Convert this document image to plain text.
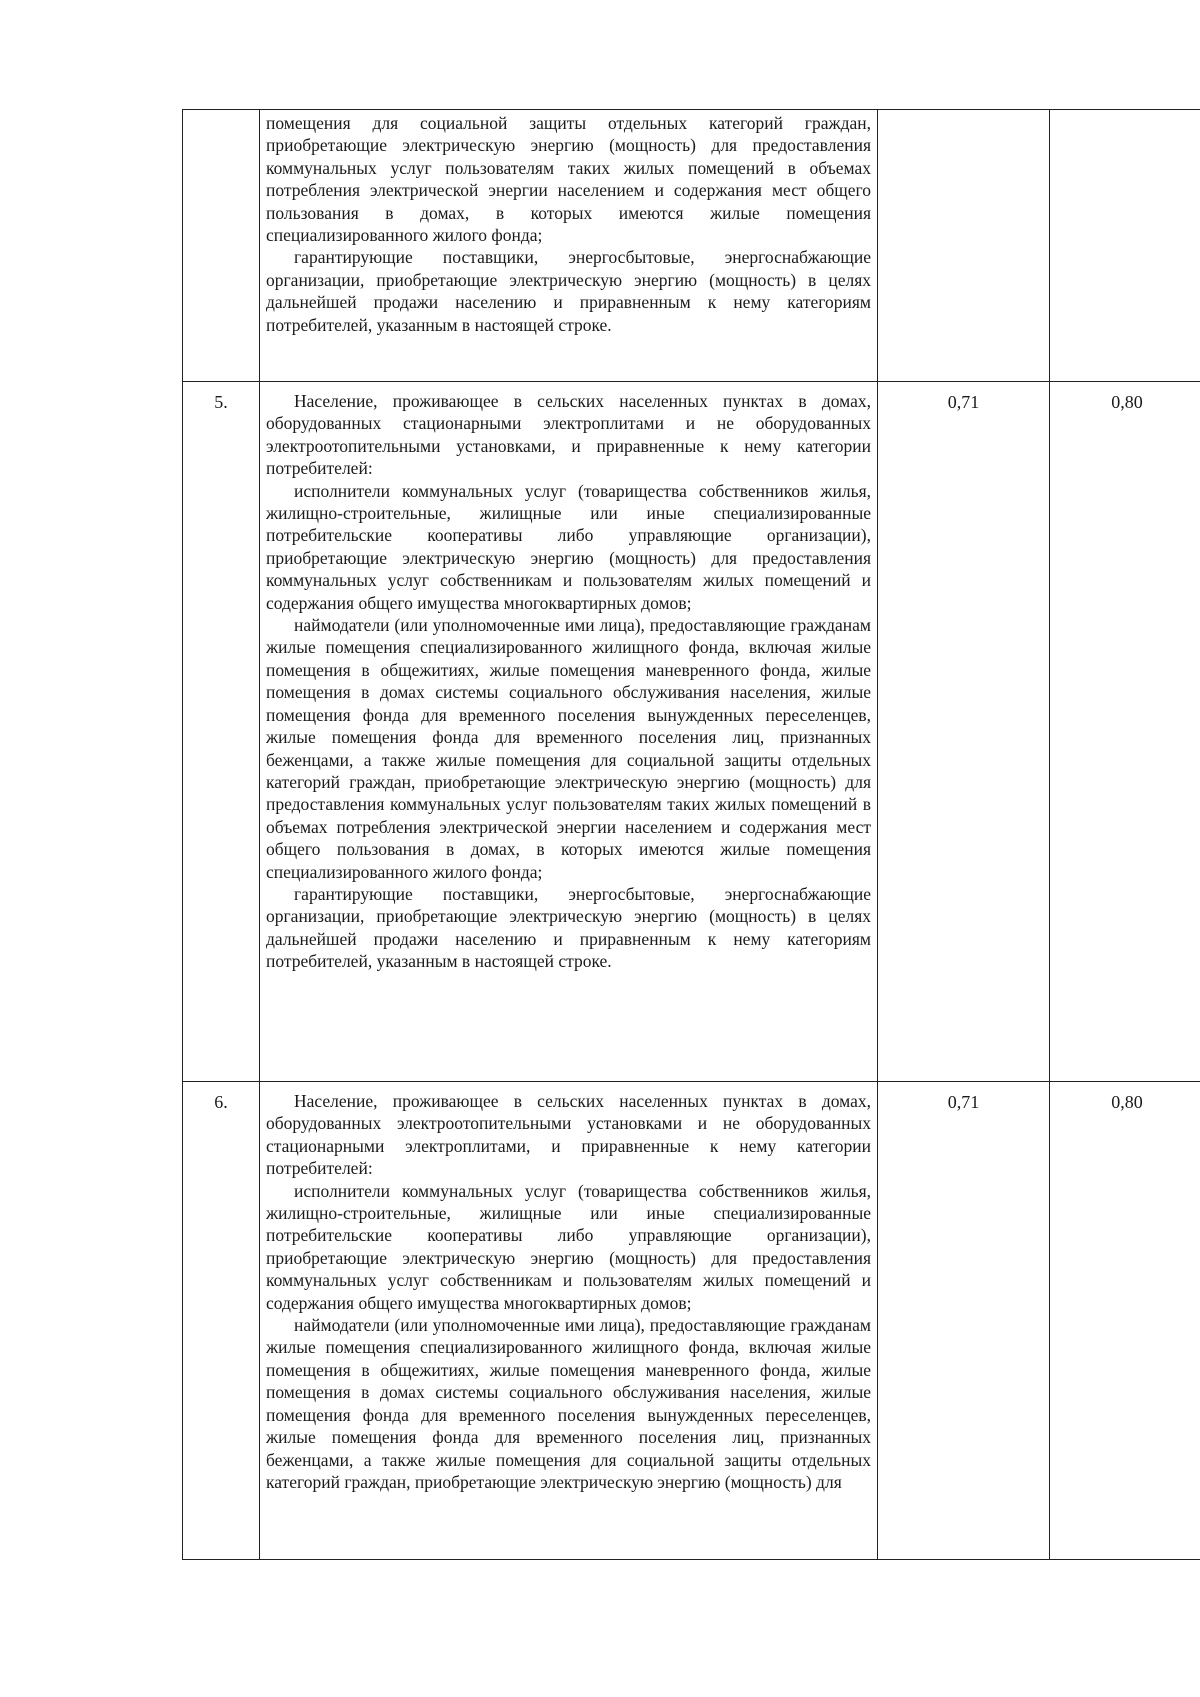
	помещения для социальной защиты отдельных категорий граждан, приобретающие электрическую энергию (мощность) для предоставления коммунальных услуг пользователям таких жилых помещений в объемах потребления электрической энергии населением и содержания мест общего пользования в домах, в которых имеются жилые помещения специализированного жилого фонда;

гарантирующие поставщики, энергосбытовые, энергоснабжающие организации, приобретающие электрическую энергию (мощность) в целях дальнейшей продажи населению и приравненным к нему категориям потребителей, указанным в настоящей строке.		

5.	Население, проживающее в сельских населенных пунктах в домах, оборудованных стационарными электроплитами и не оборудованных электроотопительными установками, и приравненные к нему категории потребителей:

исполнители коммунальных услуг (товарищества собственников жилья, жилищно-строительные, жилищные или иные специализированные потребительские кооперативы либо управляющие организации), приобретающие электрическую энергию (мощность) для предоставления коммунальных услуг собственникам и пользователям жилых помещений и содержания общего имущества многоквартирных домов;

наймодатели (или уполномоченные ими лица), предоставляющие гражданам жилые помещения специализированного жилищного фонда, включая жилые помещения в общежитиях, жилые помещения маневренного фонда, жилые помещения в домах системы социального обслуживания населения, жилые помещения фонда для временного поселения вынужденных переселенцев, жилые помещения фонда для временного поселения лиц, признанных беженцами, а также жилые помещения для социальной защиты отдельных категорий граждан, приобретающие электрическую энергию (мощность) для предоставления коммунальных услуг пользователям таких жилых помещений в объемах потребления электрической энергии населением и содержания мест общего пользования в домах, в которых имеются жилые помещения специализированного жилого фонда;

гарантирующие поставщики, энергосбытовые, энергоснабжающие организации, приобретающие электрическую энергию (мощность) в целях дальнейшей продажи населению и приравненным к нему категориям потребителей, указанным в настоящей строке.	0,71	0,80
6.	Население, проживающее в сельских населенных пунктах в домах, оборудованных электроотопительными установками и не оборудованных стационарными электроплитами, и приравненные к нему категории потребителей:

исполнители коммунальных услуг (товарищества собственников жилья, жилищно-строительные, жилищные или иные специализированные потребительские кооперативы либо управляющие организации), приобретающие электрическую энергию (мощность) для предоставления коммунальных услуг собственникам и пользователям жилых помещений и содержания общего имущества многоквартирных домов;

наймодатели (или уполномоченные ими лица), предоставляющие гражданам жилые помещения специализированного жилищного фонда, включая жилые помещения в общежитиях, жилые помещения маневренного фонда, жилые помещения в домах системы социального обслуживания населения, жилые помещения фонда для временного поселения вынужденных переселенцев, жилые помещения фонда для временного поселения лиц, признанных беженцами, а также жилые помещения для социальной защиты отдельных категорий граждан, приобретающие электрическую энергию (мощность) для	0,71	0,80
